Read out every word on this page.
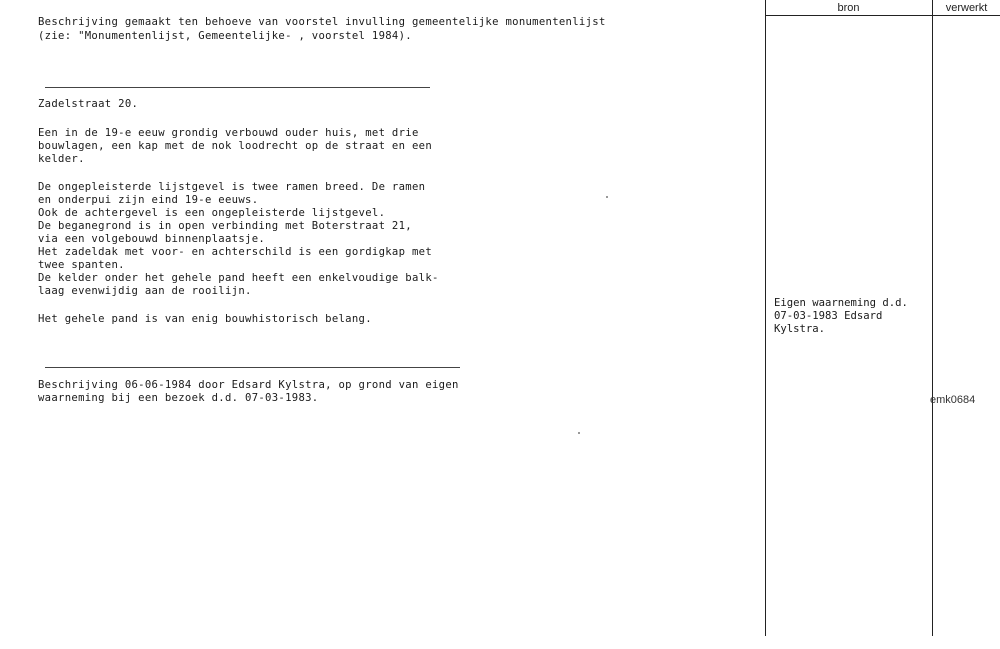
Beschrijving gemaakt ten behoeve van voorstel invulling gemeentelijke monumentenlijst
(zie: "Monumentenlijst, Gemeentelijke- , voorstel 1984).
Zadelstraat 20.
Een in de 19-e eeuw grondig verbouwd ouder huis, met drie
bouwlagen, een kap met de nok loodrecht op de straat en een
kelder.
De ongepleisterde lijstgevel is twee ramen breed. De ramen
en onderpui zijn eind 19-e eeuws.
Ook de achtergevel is een ongepleisterde lijstgevel.
De beganegrond is in open verbinding met Boterstraat 21,
via een volgebouwd binnenplaatsje.
Het zadeldak met voor- en achterschild is een gordigkap met
twee spanten.
De kelder onder het gehele pand heeft een enkelvoudige balk-
laag evenwijdig aan de rooilijn.
Het gehele pand is van enig bouwhistorisch belang.
Beschrijving 06-06-1984 door Edsard Kylstra, op grond van eigen
waarneming bij een bezoek d.d. 07-03-1983.
bron	verwerkt
Eigen waarneming d.d.
07-03-1983 Edsard
Kylstra.
emk0684
